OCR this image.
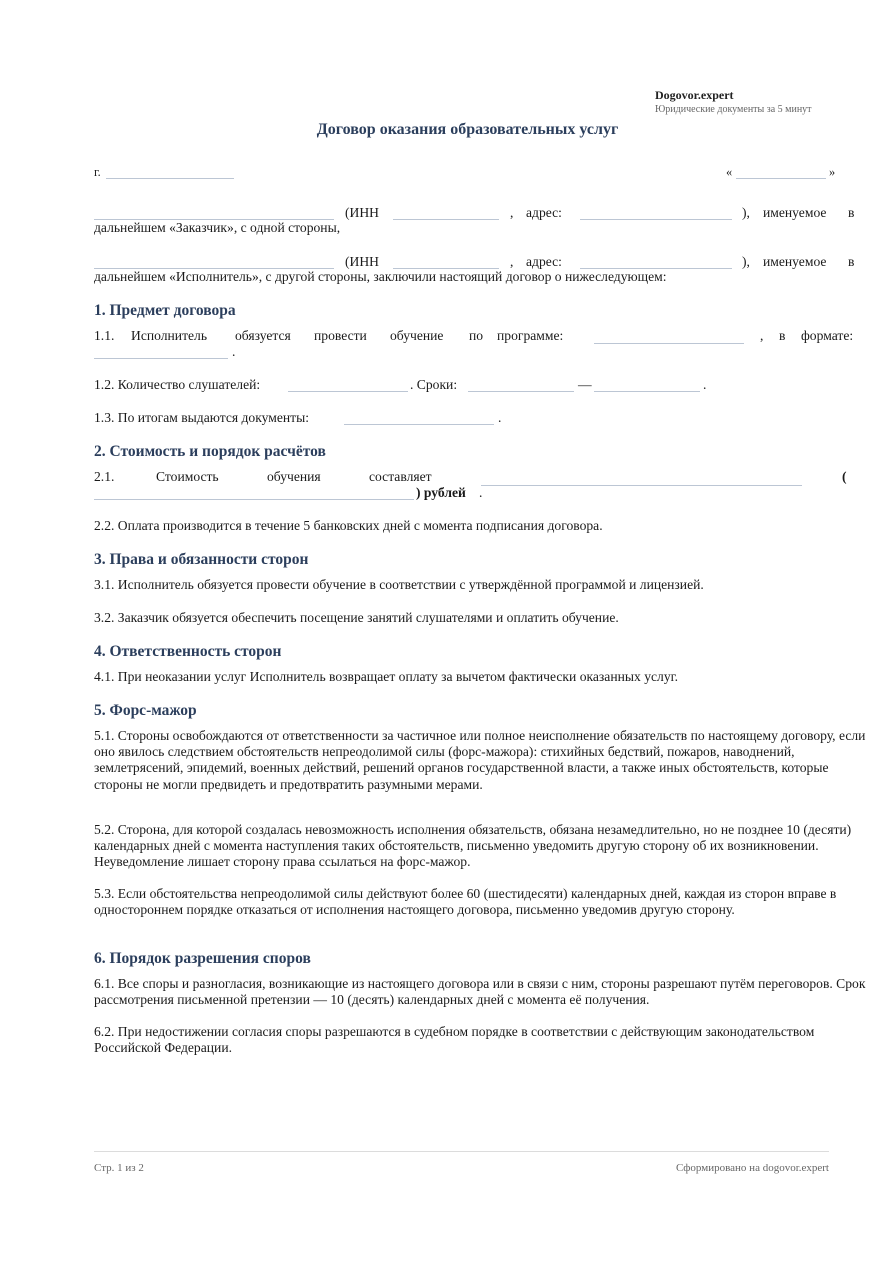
Dogovor.expert
Юридические документы за 5 минут
Договор оказания образовательных услуг
г.	«	»
(ИНН	, адрес:	), именуемое в
дальнейшем «Заказчик», с одной стороны,
(ИНН	, адрес:	), именуемое в
дальнейшем «Исполнитель», с другой стороны, заключили настоящий договор о нижеследующем:
1. Предмет договора
1.1. Исполнитель обязуется провести обучение по программе:	, в формате:
.
1.2. Количество слушателей:	. Сроки:	—	.
1.3. По итогам выдаются документы:	.
2. Стоимость и порядок расчётов
2.1.	Стоимость	обучения	составляет	(
) рублей .
2.2. Оплата производится в течение 5 банковских дней с момента подписания договора.
3. Права и обязанности сторон
3.1. Исполнитель обязуется провести обучение в соответствии с утверждённой программой и лицензией.
3.2. Заказчик обязуется обеспечить посещение занятий слушателями и оплатить обучение.
4. Ответственность сторон
4.1. При неоказании услуг Исполнитель возвращает оплату за вычетом фактически оказанных услуг.
5. Форс-мажор
5.1. Стороны освобождаются от ответственности за частичное или полное неисполнение обязательств по настоящему договору, если оно явилось следствием обстоятельств непреодолимой силы (форс-мажора): стихийных бедствий, пожаров, наводнений, землетрясений, эпидемий, военных действий, решений органов государственной власти, а также иных обстоятельств, которые стороны не могли предвидеть и предотвратить разумными мерами.
5.2. Сторона, для которой создалась невозможность исполнения обязательств, обязана незамедлительно, но не позднее 10 (десяти) календарных дней с момента наступления таких обстоятельств, письменно уведомить другую сторону об их возникновении. Неуведомление лишает сторону права ссылаться на форс-мажор.
5.3. Если обстоятельства непреодолимой силы действуют более 60 (шестидесяти) календарных дней, каждая из сторон вправе в одностороннем порядке отказаться от исполнения настоящего договора, письменно уведомив другую сторону.
6. Порядок разрешения споров
6.1. Все споры и разногласия, возникающие из настоящего договора или в связи с ним, стороны разрешают путём переговоров. Срок рассмотрения письменной претензии — 10 (десять) календарных дней с момента её получения.
6.2. При недостижении согласия споры разрешаются в судебном порядке в соответствии с действующим законодательством Российской Федерации.
Стр. 1 из 2	Сформировано на dogovor.expert
